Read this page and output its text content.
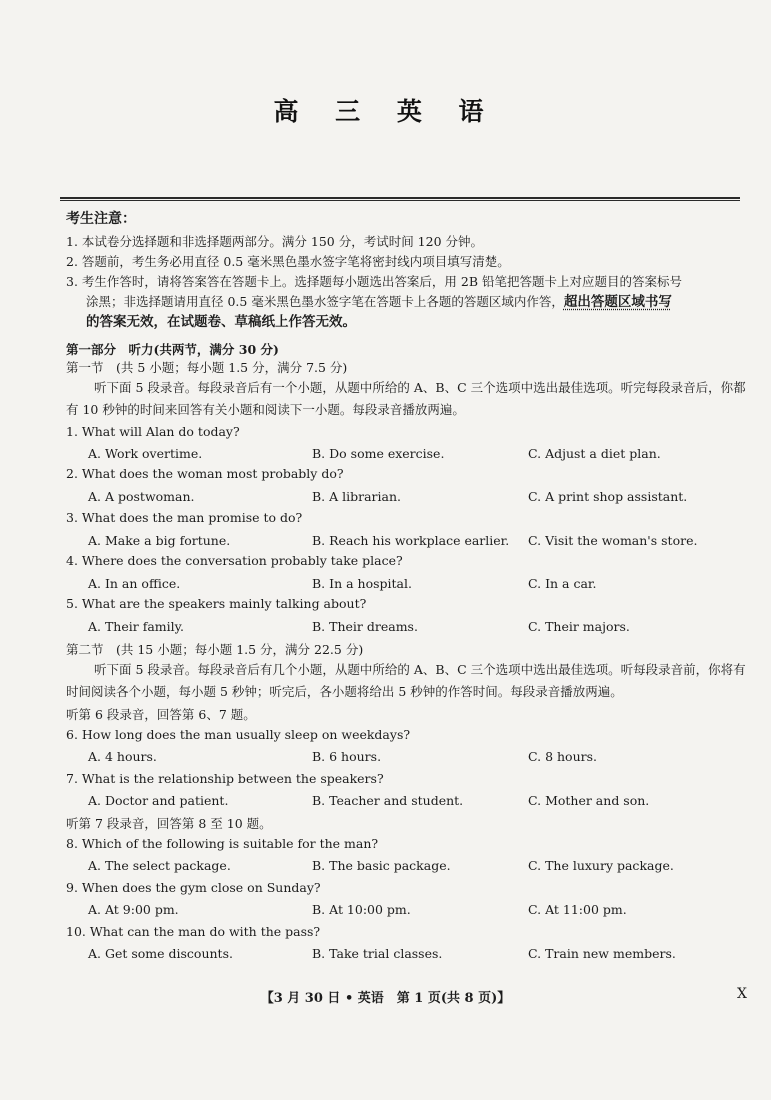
高 三 英 语
考生注意：
1. 本试卷分选择题和非选择题两部分。满分 150 分，考试时间 120 分钟。
2. 答题前，考生务必用直径 0.5 毫米黑色墨水签字笔将密封线内项目填写清楚。
3. 考生作答时，请将答案答在答题卡上。选择题每小题选出答案后，用 2B 铅笔把答题卡上对应题目的答案标号
涂黑；非选择题请用直径 0.5 毫米黑色墨水签字笔在答题卡上各题的答题区域内作答，超出答题区域书写
的答案无效，在试题卷、草稿纸上作答无效。
第一部分　听力(共两节，满分 30 分)
第一节　(共 5 小题；每小题 1.5 分，满分 7.5 分)
听下面 5 段录音。每段录音后有一个小题，从题中所给的 A、B、C 三个选项中选出最佳选项。听完每段录音后，你都有 10 秒钟的时间来回答有关小题和阅读下一小题。每段录音播放两遍。
1. What will Alan do today?
A. Work overtime.	B. Do some exercise.	C. Adjust a diet plan.
2. What does the woman most probably do?
A. A postwoman.	B. A librarian.	C. A print shop assistant.
3. What does the man promise to do?
A. Make a big fortune.	B. Reach his workplace earlier. C. Visit the woman's store.
4. Where does the conversation probably take place?
A. In an office.	B. In a hospital.	C. In a car.
5. What are the speakers mainly talking about?
A. Their family.	B. Their dreams.	C. Their majors.
第二节　(共 15 小题；每小题 1.5 分，满分 22.5 分)
听下面 5 段录音。每段录音后有几个小题，从题中所给的 A、B、C 三个选项中选出最佳选项。听每段录音前，你将有时间阅读各个小题，每小题 5 秒钟；听完后，各小题将给出 5 秒钟的作答时间。每段录音播放两遍。
听第 6 段录音，回答第 6、7 题。
6. How long does the man usually sleep on weekdays?
A. 4 hours.	B. 6 hours.	C. 8 hours.
7. What is the relationship between the speakers?
A. Doctor and patient.	B. Teacher and student.	C. Mother and son.
听第 7 段录音，回答第 8 至 10 题。
8. Which of the following is suitable for the man?
A. The select package.	B. The basic package.	C. The luxury package.
9. When does the gym close on Sunday?
A. At 9:00 pm.	B. At 10:00 pm.	C. At 11:00 pm.
10. What can the man do with the pass?
A. Get some discounts.	B. Take trial classes.	C. Train new members.
【3 月 30 日 • 英语　第 1 页(共 8 页)】	X
